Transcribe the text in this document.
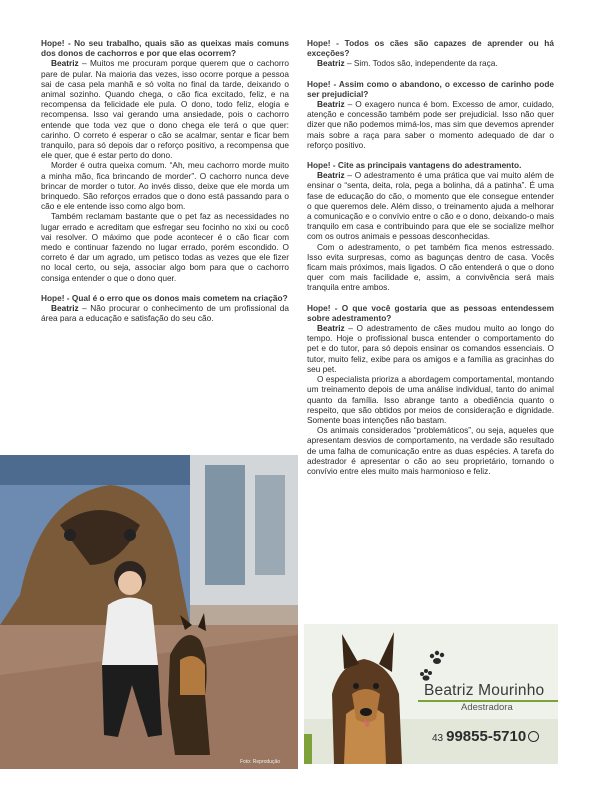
Hope! - No seu trabalho, quais são as queixas mais comuns dos donos de cachorros e por que elas ocorrem?
Beatriz – Muitos me procuram porque querem que o cachorro pare de pular. Na maioria das vezes, isso ocorre porque a pessoa sai de casa pela manhã e só volta no final da tarde, deixando o animal sozinho. Quando chega, o cão fica excitado, feliz, e na recompensa da felicidade ele pula. O dono, todo feliz, elogia e recompensa. Isso vai gerando uma ansiedade, pois o cachorro entende que toda vez que o dono chega ele terá o que quer: carinho. O correto é esperar o cão se acalmar, sentar e ficar bem tranquilo, para só depois dar o reforço positivo, a recompensa que ele quer, que é estar perto do dono.
Morder é outra queixa comum. “Ah, meu cachorro morde muito a minha mão, fica brincando de morder”. O cachorro nunca deve brincar de morder o tutor. Ao invés disso, deixe que ele morda um brinquedo. São reforços errados que o dono está passando para o cão e ele entende isso como algo bom.
Também reclamam bastante que o pet faz as necessidades no lugar errado e acreditam que esfregar seu focinho no xixi ou cocô vai resolver. O máximo que pode acontecer é o cão ficar com medo e continuar fazendo no lugar errado, porém escondido. O correto é dar um agrado, um petisco todas as vezes que ele fizer no local certo, ou seja, associar algo bom para que o cachorro consiga entender o que o dono quer.
Hope! - Qual é o erro que os donos mais cometem na criação?
Beatriz – Não procurar o conhecimento de um profissional da área para a educação e satisfação do seu cão.
Hope! - Todos os cães são capazes de aprender ou há exceções?
Beatriz – Sim. Todos são, independente da raça.
Hope! - Assim como o abandono, o excesso de carinho pode ser prejudicial?
Beatriz – O exagero nunca é bom. Excesso de amor, cuidado, atenção e concessão também pode ser prejudicial. Isso não quer dizer que não podemos mimá-los, mas sim que devemos aprender mais sobre a raça para saber o momento adequado de dar o reforço positivo.
Hope! - Cite as principais vantagens do adestramento.
Beatriz – O adestramento é uma prática que vai muito além de ensinar o “senta, deita, rola, pega a bolinha, dá a patinha”. É uma fase de educação do cão, o momento que ele consegue entender o que queremos dele. Além disso, o treinamento ajuda a melhorar a comunicação e o convívio entre o cão e o dono, deixando-o mais tranquilo em casa e contribuindo para que ele se socialize melhor com os outros animais e pessoas desconhecidas.
Com o adestramento, o pet também fica menos estressado. Isso evita surpresas, como as bagunças dentro de casa. Vocês ficam mais próximos, mais ligados. O cão entenderá o que o dono quer com mais facilidade e, assim, a convivência será mais tranquila entre ambos.
Hope! - O que você gostaria que as pessoas entendessem sobre adestramento?
Beatriz – O adestramento de cães mudou muito ao longo do tempo. Hoje o profissional busca entender o comportamento do pet e do tutor, para só depois ensinar os comandos essenciais. O tutor, muito feliz, exibe para os amigos e a família as gracinhas do seu pet.
O especialista prioriza a abordagem comportamental, montando um treinamento depois de uma análise individual, tanto do animal quanto da família. Isso abrange tanto a obediência quanto o respeito, que são obtidos por meios de consideração e dignidade. Somente boas intenções não bastam.
Os animais considerados “problemáticos”, ou seja, aqueles que apresentam desvios de comportamento, na verdade são resultado de uma falha de comunicação entre as duas espécies. A tarefa do adestrador é apresentar o cão ao seu proprietário, tornando o convívio entre eles muito mais harmonioso e feliz.
Foto: Reprodução
Beatriz Mourinho
Adestradora
43 99855-5710
